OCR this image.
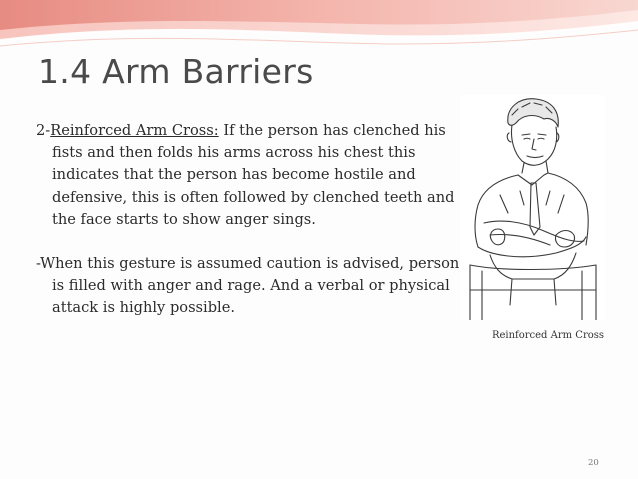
1.4 Arm Barriers

2-Reinforced Arm Cross: If the person has clenched his fists and then folds his arms across his chest this indicates that the person has become hostile and defensive, this is often followed by clenched teeth and the face starts to show anger sings.

-When this gesture is assumed caution is advised, person is filled with anger and rage. And a verbal or physical attack is highly possible.

Reinforced Arm Cross
20
